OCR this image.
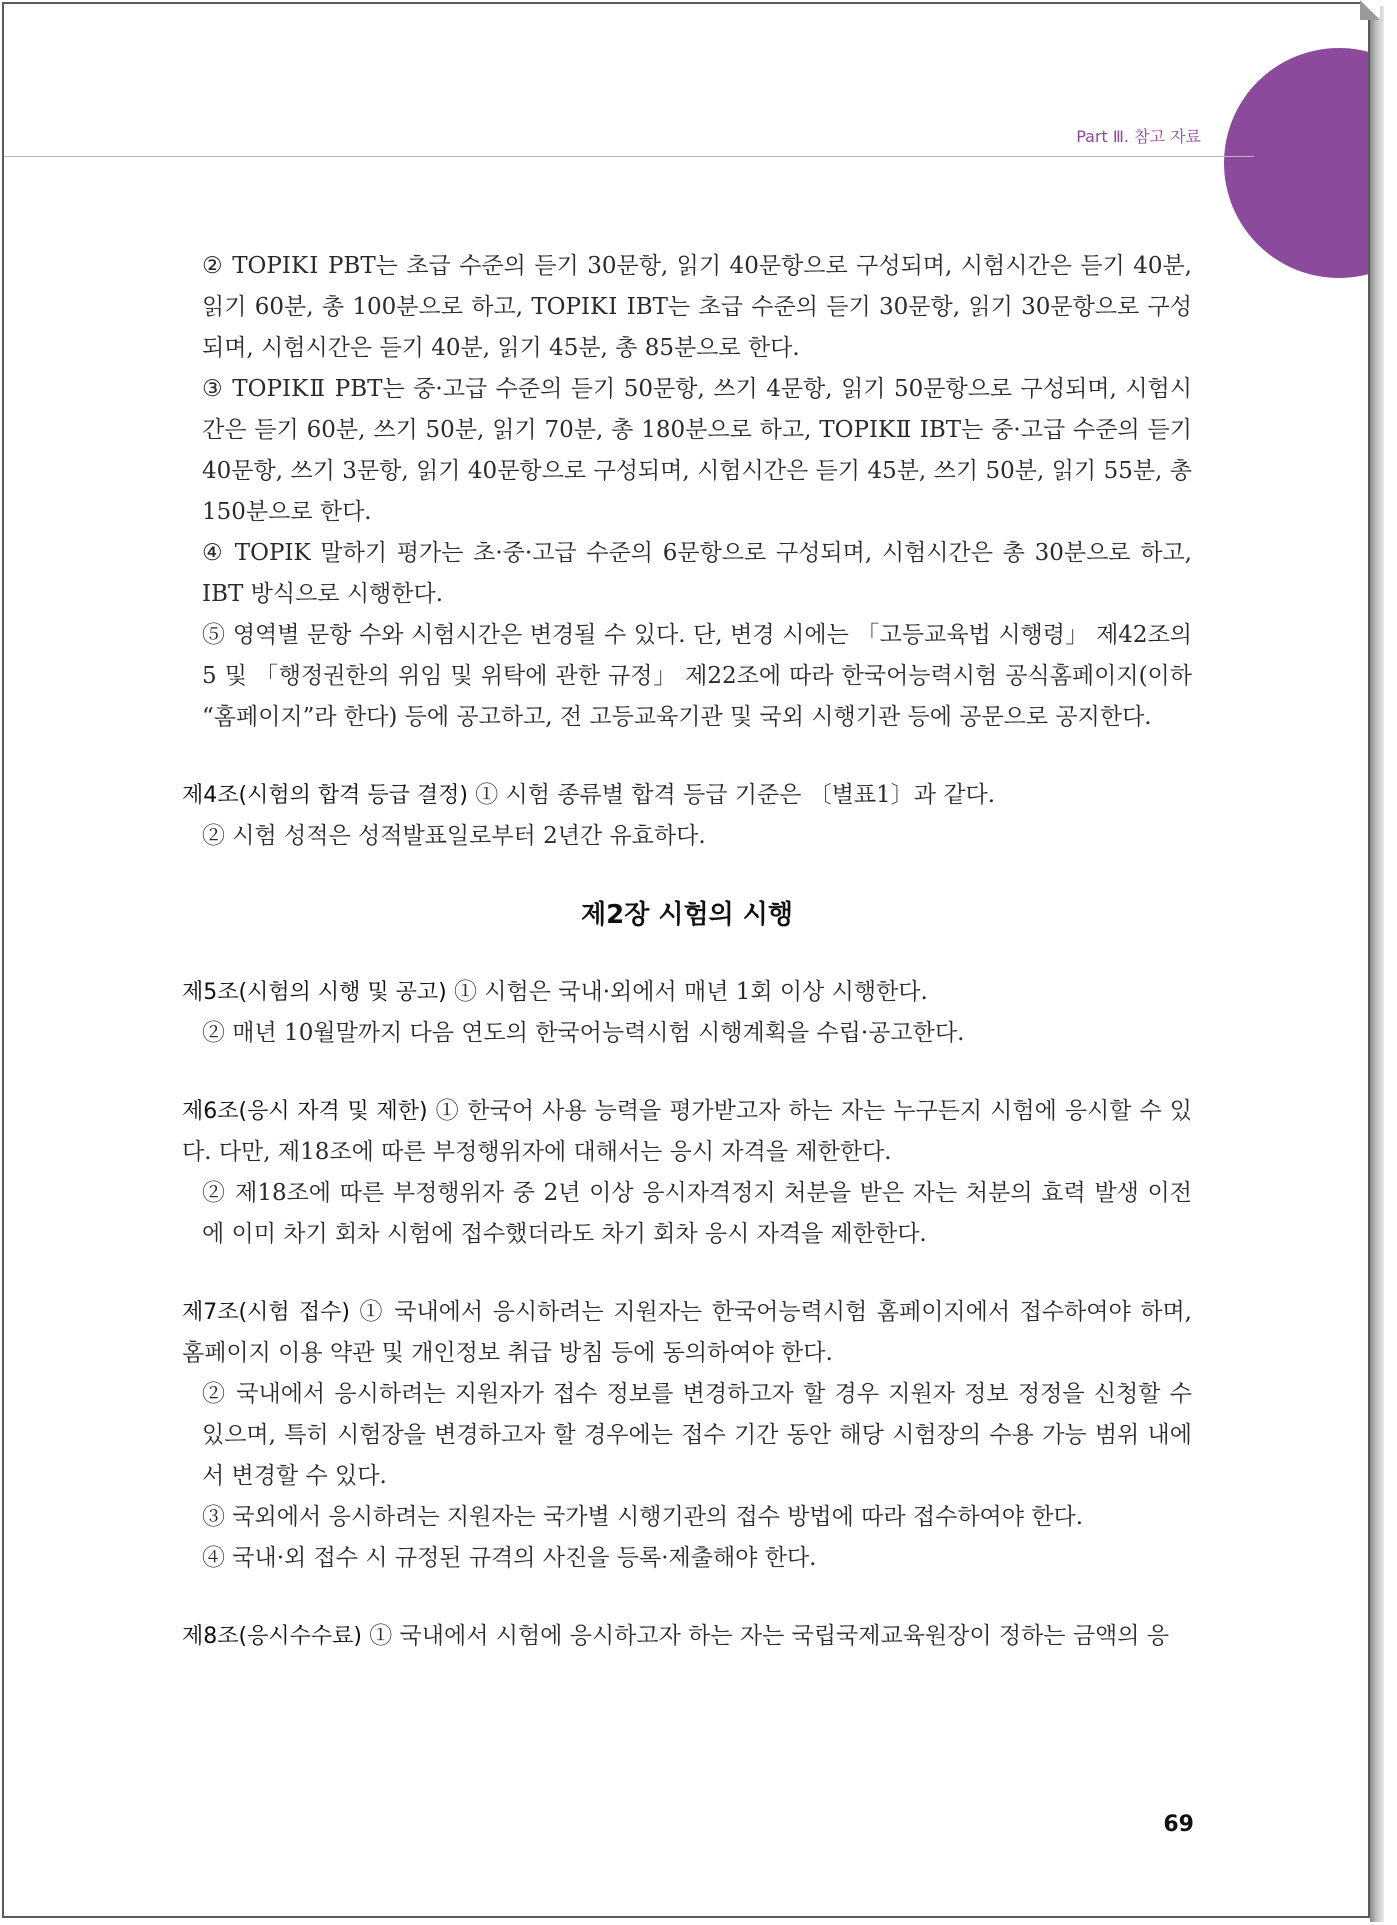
Part Ⅲ. 참고 자료

② TOPIKⅠ PBT는 초급 수준의 듣기 30문항, 읽기 40문항으로 구성되며, 시험시간은 듣기 40분, 읽기 60분, 총 100분으로 하고, TOPIKⅠ IBT는 초급 수준의 듣기 30문항, 읽기 30문항으로 구성되며, 시험시간은 듣기 40분, 읽기 45분, 총 85분으로 한다.

③ TOPIKⅡ PBT는 중·고급 수준의 듣기 50문항, 쓰기 4문항, 읽기 50문항으로 구성되며, 시험시간은 듣기 60분, 쓰기 50분, 읽기 70분, 총 180분으로 하고, TOPIKⅡ IBT는 중·고급 수준의 듣기 40문항, 쓰기 3문항, 읽기 40문항으로 구성되며, 시험시간은 듣기 45분, 쓰기 50분, 읽기 55분, 총 150분으로 한다.

④ TOPIK 말하기 평가는 초·중·고급 수준의 6문항으로 구성되며, 시험시간은 총 30분으로 하고, IBT 방식으로 시행한다.

⑤ 영역별 문항 수와 시험시간은 변경될 수 있다. 단, 변경 시에는 「고등교육법 시행령」 제42조의 5 및 「행정권한의 위임 및 위탁에 관한 규정」 제22조에 따라 한국어능력시험 공식홈페이지(이하 “홈페이지”라 한다) 등에 공고하고, 전 고등교육기관 및 국외 시행기관 등에 공문으로 공지한다.

제4조(시험의 합격 등급 결정) ① 시험 종류별 합격 등급 기준은 〔별표1〕과 같다.

② 시험 성적은 성적발표일로부터 2년간 유효하다.

제2장 시험의 시행

제5조(시험의 시행 및 공고) ① 시험은 국내·외에서 매년 1회 이상 시행한다.

② 매년 10월말까지 다음 연도의 한국어능력시험 시행계획을 수립·공고한다.

제6조(응시 자격 및 제한) ① 한국어 사용 능력을 평가받고자 하는 자는 누구든지 시험에 응시할 수 있다. 다만, 제18조에 따른 부정행위자에 대해서는 응시 자격을 제한한다.

② 제18조에 따른 부정행위자 중 2년 이상 응시자격정지 처분을 받은 자는 처분의 효력 발생 이전에 이미 차기 회차 시험에 접수했더라도 차기 회차 응시 자격을 제한한다.

제7조(시험 접수) ① 국내에서 응시하려는 지원자는 한국어능력시험 홈페이지에서 접수하여야 하며, 홈페이지 이용 약관 및 개인정보 취급 방침 등에 동의하여야 한다.

② 국내에서 응시하려는 지원자가 접수 정보를 변경하고자 할 경우 지원자 정보 정정을 신청할 수 있으며, 특히 시험장을 변경하고자 할 경우에는 접수 기간 동안 해당 시험장의 수용 가능 범위 내에서 변경할 수 있다.

③ 국외에서 응시하려는 지원자는 국가별 시행기관의 접수 방법에 따라 접수하여야 한다.

④ 국내·외 접수 시 규정된 규격의 사진을 등록·제출해야 한다.

제8조(응시수수료) ① 국내에서 시험에 응시하고자 하는 자는 국립국제교육원장이 정하는 금액의 응

69
